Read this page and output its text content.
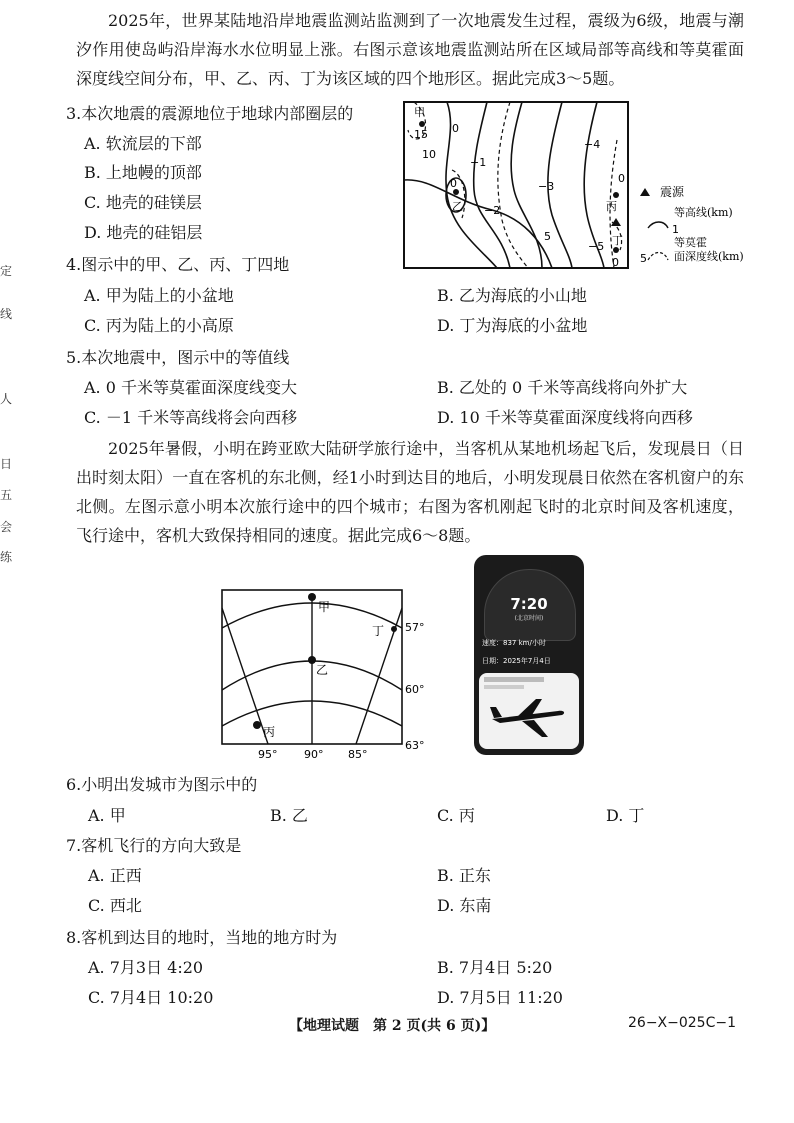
定
线
人
日
五
会
练
2025年，世界某陆地沿岸地震监测站监测到了一次地震发生过程，震级为6级，地震与潮汐作用使岛屿沿岸海水水位明显上涨。右图示意该地震监测站所在区域局部等高线和等莫霍面深度线空间分布，甲、乙、丙、丁为该区域的四个地形区。据此完成3～5题。
3.本次地震的震源地位于地球内部圈层的
A. 软流层的下部
B. 上地幔的顶部
C. 地壳的硅镁层
D. 地壳的硅铝层
甲
15 0
10
−1
0
乙 −2
−3
−4
5
−5
0
丙
丁
0
震源
1
等高线(km)
5
等莫霍
面深度线(km)
4.图示中的甲、乙、丙、丁四地
A. 甲为陆上的小盆地	B. 乙为海底的小山地
C. 丙为陆上的小高原	D. 丁为海底的小盆地
5.本次地震中，图示中的等值线
A. 0 千米等莫霍面深度线变大	B. 乙处的 0 千米等高线将向外扩大
C. －1 千米等高线将会向西移	D. 10 千米等莫霍面深度线将向西移
2025年暑假，小明在跨亚欧大陆研学旅行途中，当客机从某地机场起飞后，发现晨日（日出时刻太阳）一直在客机的东北侧，经1小时到达目的地后，小明发现晨日依然在客机窗户的东北侧。左图示意小明本次旅行途中的四个城市；右图为客机刚起飞时的北京时间及客机速度，飞行途中，客机大致保持相同的速度。据此完成6～8题。
甲
乙
丙
丁 57°
60°
63°
95° 90° 85°
7:20
(北京时间)
速度：837 km/小时
日期：2025年7月4日
6.小明出发城市为图示中的
A. 甲	B. 乙	C. 丙	D. 丁
7.客机飞行的方向大致是
A. 正西	B. 正东
C. 西北	D. 东南
8.客机到达目的地时，当地的地方时为
A. 7月3日 4:20	B. 7月4日 5:20
C. 7月4日 10:20	D. 7月5日 11:20
【地理试题　第 2 页(共 6 页)】	26−X−025C−1
